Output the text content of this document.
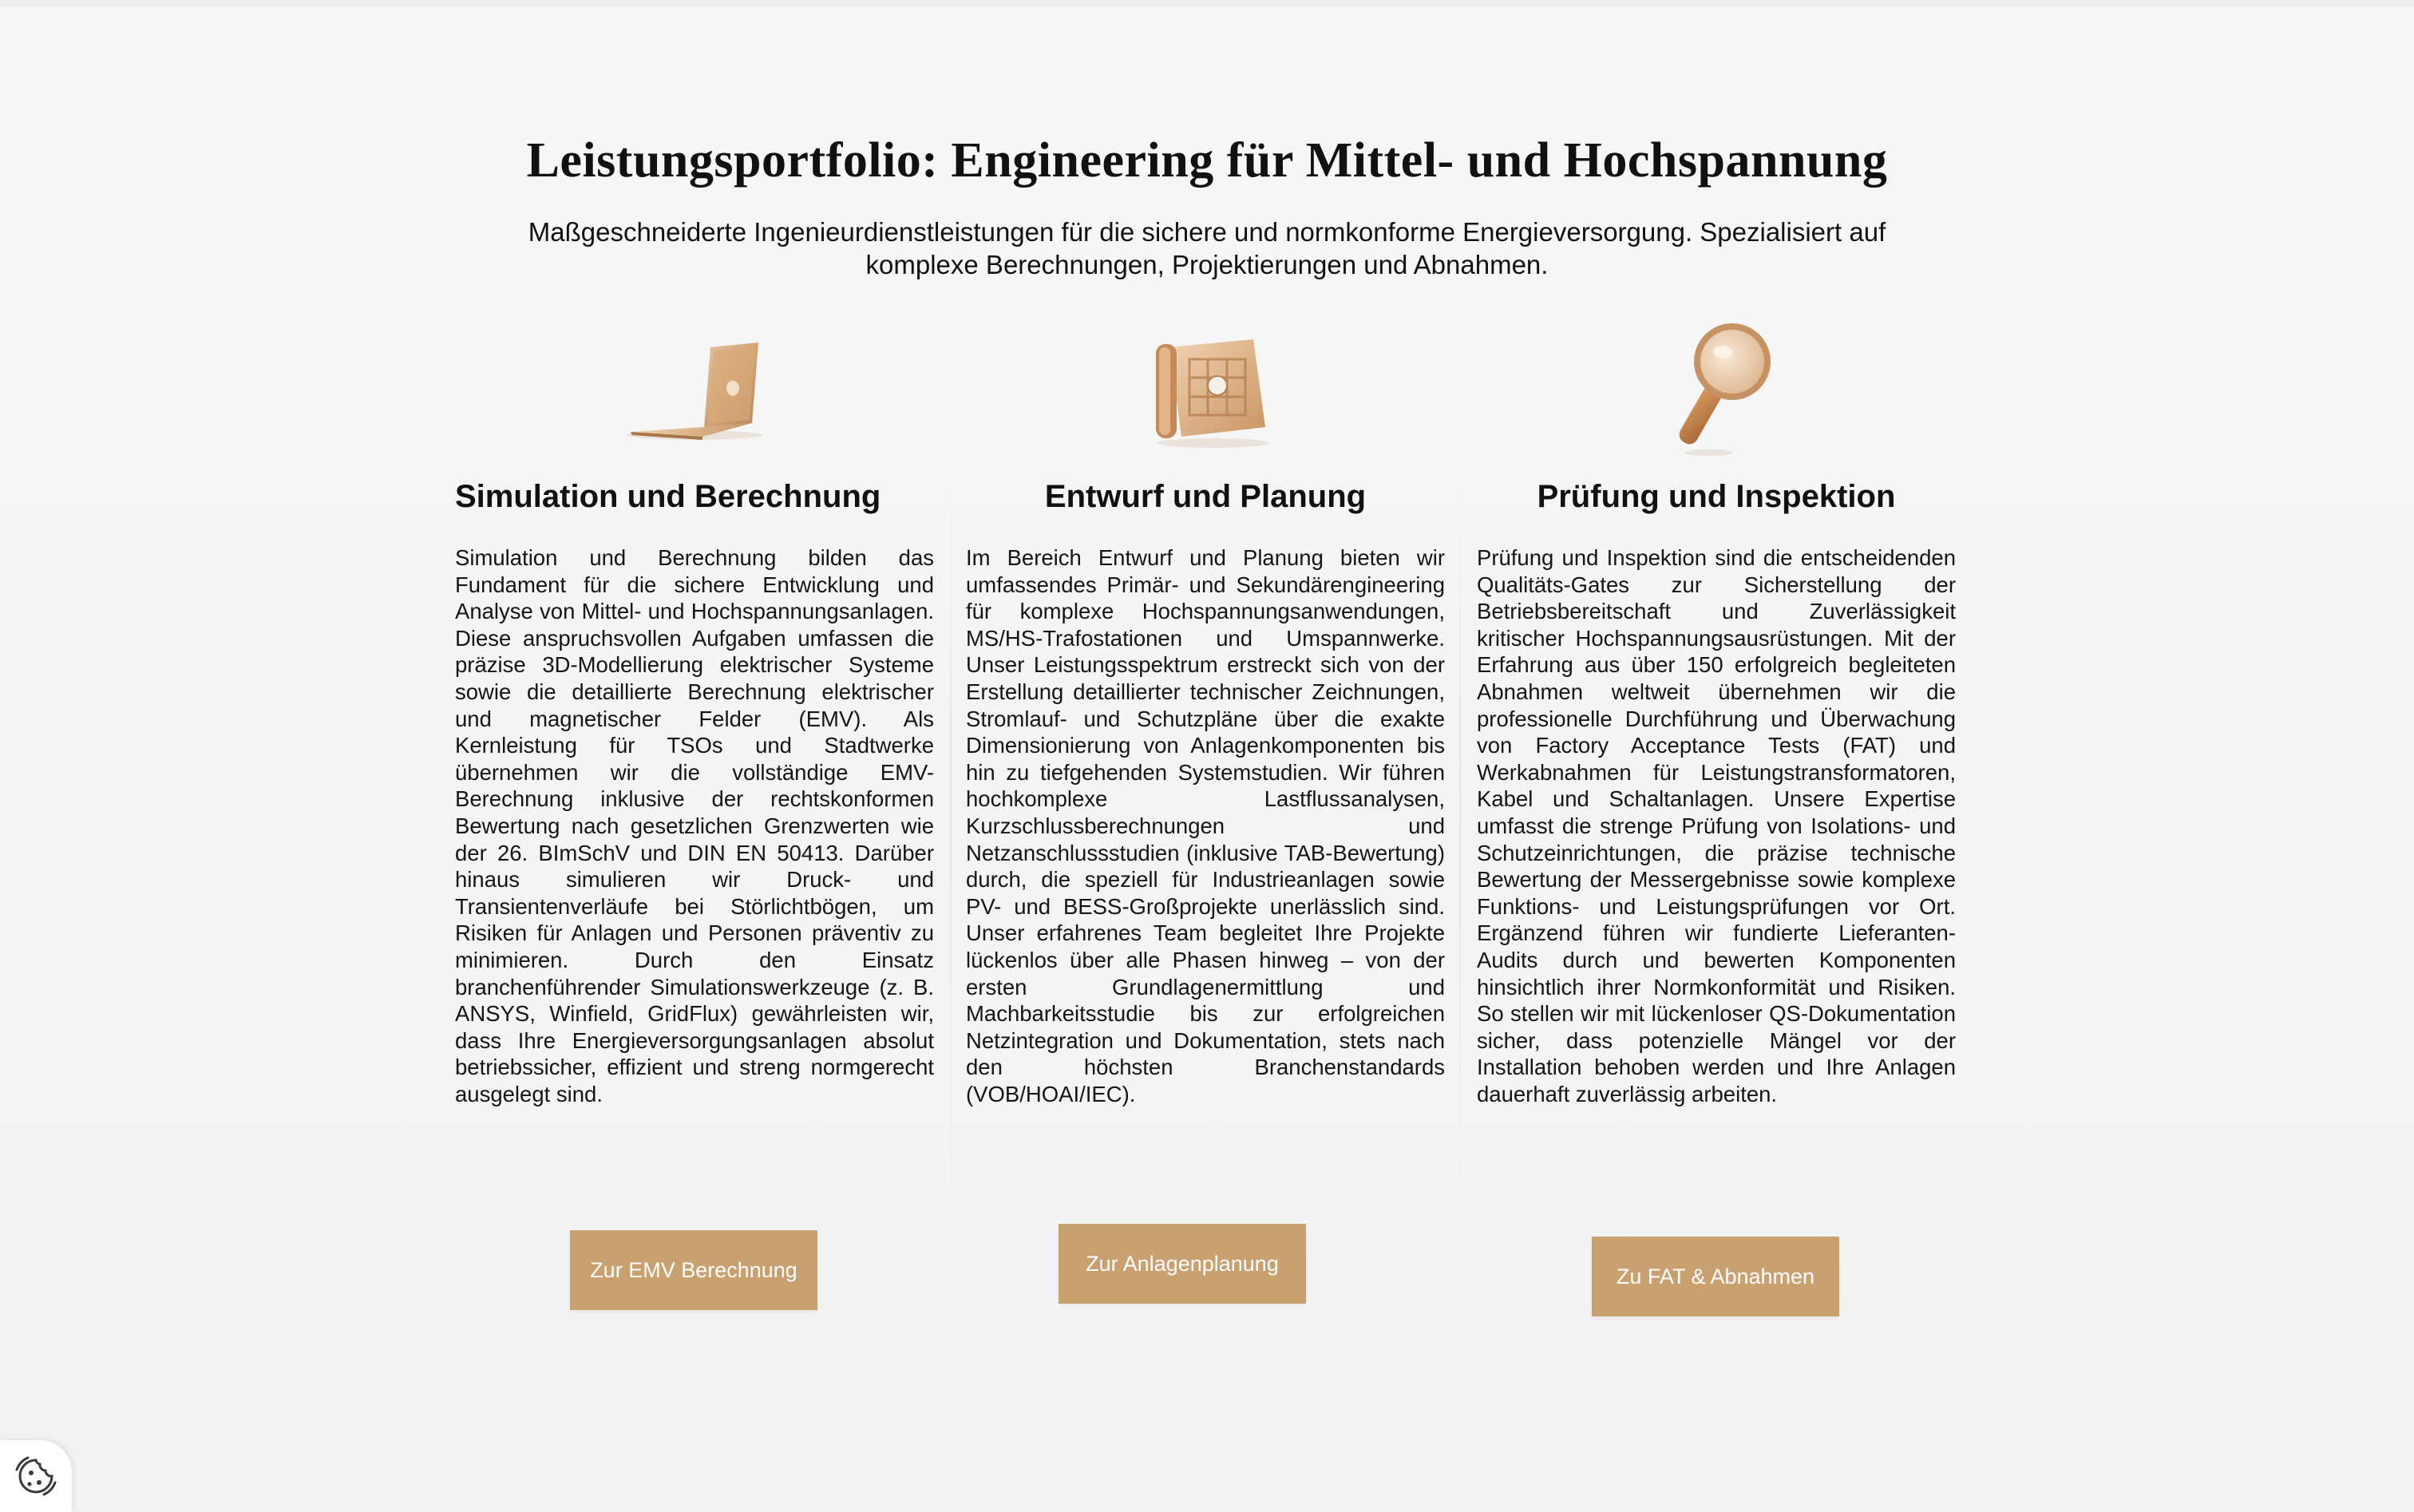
Leistungsportfolio: Engineering für Mittel- und Hochspannung

Maßgeschneiderte Ingenieurdienstleistungen für die sichere und normkonforme Energieversorgung. Spezialisiert auf komplexe Berechnungen, Projektierungen und Abnahmen.

Simulation und Berechnung

Simulation und Berechnung bilden das Fundament für die sichere Entwicklung und Analyse von Mittel- und Hochspannungsanlagen. Diese anspruchsvollen Aufgaben umfassen die präzise 3D-Modellierung elektrischer Systeme sowie die detaillierte Berechnung elektrischer und magnetischer Felder (EMV). Als Kernleistung für TSOs und Stadtwerke übernehmen wir die vollständige EMV-Berechnung inklusive der rechtskonformen Bewertung nach gesetzlichen Grenzwerten wie der 26. BImSchV und DIN EN 50413. Darüber hinaus simulieren wir Druck- und Transientenverläufe bei Störlichtbögen, um Risiken für Anlagen und Personen präventiv zu minimieren. Durch den Einsatz branchenführender Simulationswerkzeuge (z. B. ANSYS, Winfield, GridFlux) gewährleisten wir, dass Ihre Energieversorgungsanlagen absolut betriebssicher, effizient und streng normgerecht ausgelegt sind.

Entwurf und Planung

Im Bereich Entwurf und Planung bieten wir umfassendes Primär- und Sekundärengineering für komplexe Hochspannungsanwendungen, MS/HS-Trafostationen und Umspannwerke. Unser Leistungsspektrum erstreckt sich von der Erstellung detaillierter technischer Zeichnungen, Stromlauf- und Schutzpläne über die exakte Dimensionierung von Anlagenkomponenten bis hin zu tiefgehenden Systemstudien. Wir führen hochkomplexe Lastflussanalysen, Kurzschlussberechnungen und Netzanschlussstudien (inklusive TAB-Bewertung) durch, die speziell für Industrieanlagen sowie PV- und BESS-Großprojekte unerlässlich sind. Unser erfahrenes Team begleitet Ihre Projekte lückenlos über alle Phasen hinweg – von der ersten Grundlagenermittlung und Machbarkeitsstudie bis zur erfolgreichen Netzintegration und Dokumentation, stets nach den höchsten Branchenstandards (VOB/HOAI/IEC).

Prüfung und Inspektion

Prüfung und Inspektion sind die entscheidenden Qualitäts-Gates zur Sicherstellung der Betriebsbereitschaft und Zuverlässigkeit kritischer Hochspannungsausrüstungen. Mit der Erfahrung aus über 150 erfolgreich begleiteten Abnahmen weltweit übernehmen wir die professionelle Durchführung und Überwachung von Factory Acceptance Tests (FAT) und Werkabnahmen für Leistungstransformatoren, Kabel und Schaltanlagen. Unsere Expertise umfasst die strenge Prüfung von Isolations- und Schutzeinrichtungen, die präzise technische Bewertung der Messergebnisse sowie komplexe Funktions- und Leistungsprüfungen vor Ort. Ergänzend führen wir fundierte Lieferanten-Audits durch und bewerten Komponenten hinsichtlich ihrer Normkonformität und Risiken. So stellen wir mit lückenloser QS-Dokumentation sicher, dass potenzielle Mängel vor der Installation behoben werden und Ihre Anlagen dauerhaft zuverlässig arbeiten.

Zur EMV Berechnung	Zur Anlagenplanung
Zu FAT & Abnahmen
